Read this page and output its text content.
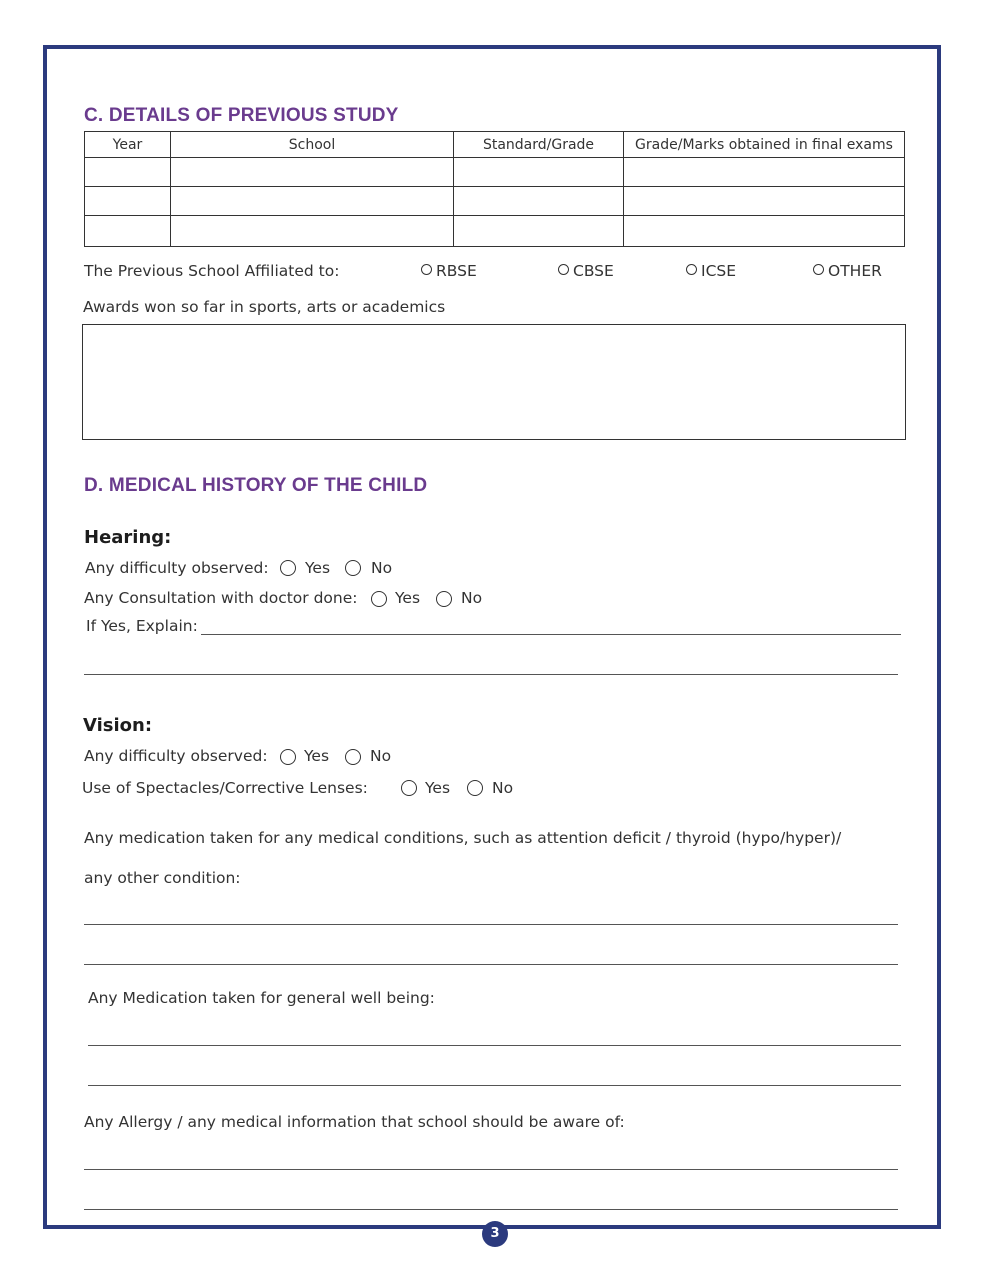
C. DETAILS OF PREVIOUS STUDY
Year	School	Standard/Grade	Grade/Marks obtained in final exams

The Previous School Affiliated to:	RBSE	CBSE	ICSE	OTHER
Awards won so far in sports, arts or academics
D. MEDICAL HISTORY OF THE CHILD
Hearing:
Any difficulty observed: Yes	No
Any Consultation with doctor done: Yes	No
If Yes, Explain:
Vision:
Any difficulty observed: Yes	No
Use of Spectacles/Corrective Lenses:	Yes	No
Any medication taken for any medical conditions, such as attention deficit / thyroid (hypo/hyper)/
any other condition:
Any Medication taken for general well being:
Any Allergy / any medical information that school should be aware of:
3
